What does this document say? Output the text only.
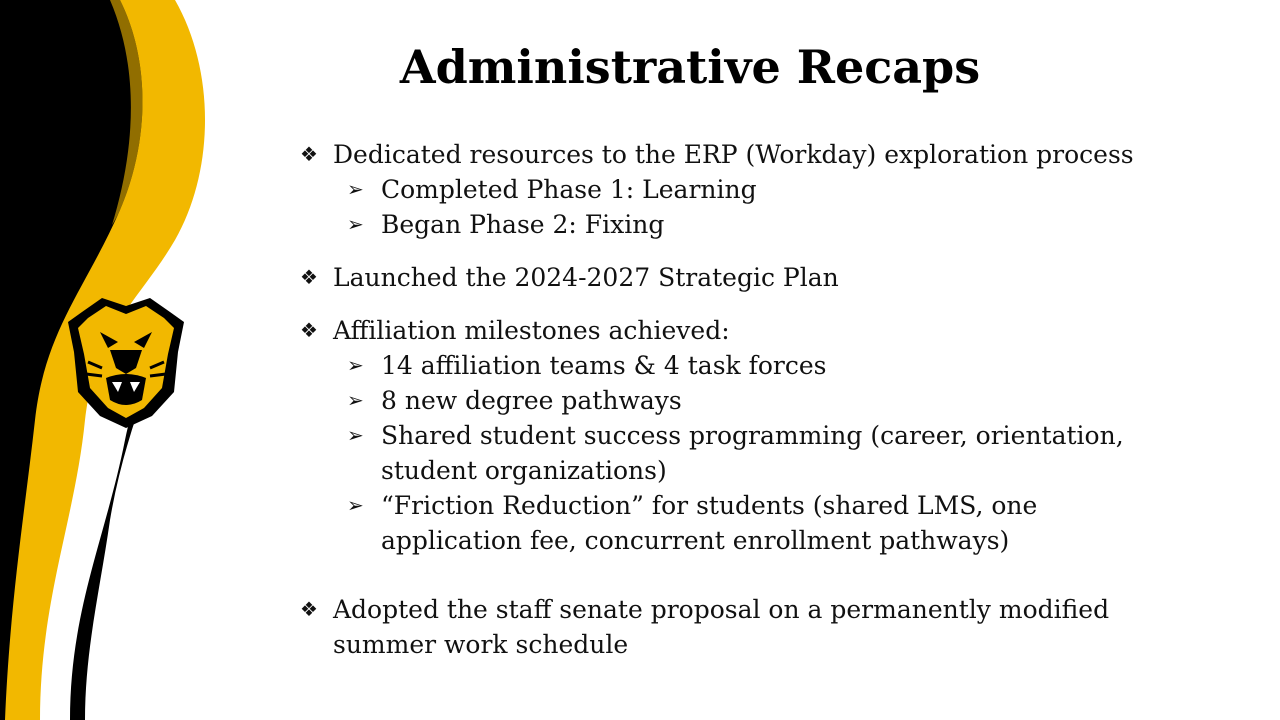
Administrative Recaps
❖ Dedicated resources to the ERP (Workday) exploration process
➢ Completed Phase 1: Learning
➢ Began Phase 2: Fixing
❖ Launched the 2024-2027 Strategic Plan
❖ Affiliation milestones achieved:
➢ 14 affiliation teams & 4 task forces
➢ 8 new degree pathways
➢ Shared student success programming (career, orientation,
student organizations)
➢ “Friction Reduction” for students (shared LMS, one
application fee, concurrent enrollment pathways)
❖ Adopted the staff senate proposal on a permanently modified
summer work schedule
